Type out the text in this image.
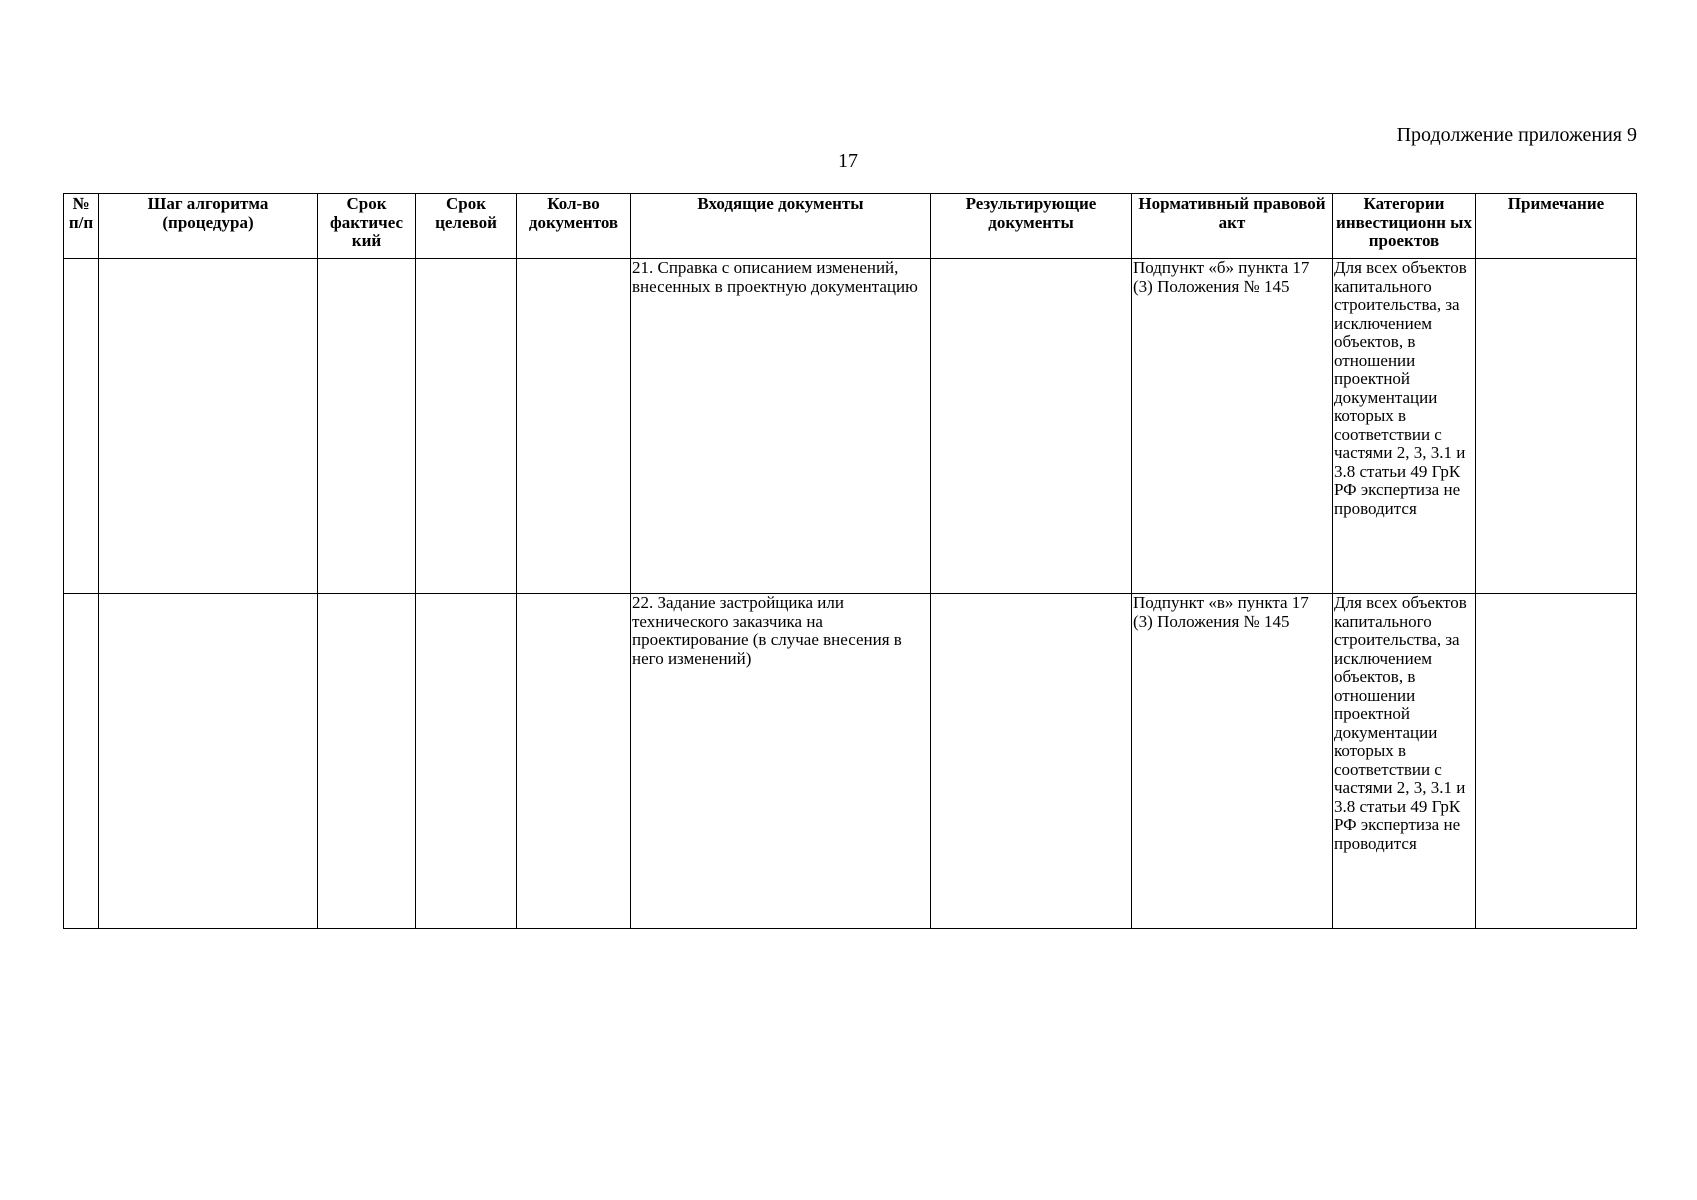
Продолжение приложения 9
17
№ п/п	Шаг алгоритма (процедура)	Срок фактичес кий	Срок целевой	Кол-во документов	Входящие документы	Результирующие документы	Нормативный правовой акт	Категории инвестиционн ых проектов	Примечание
					21. Справка с описанием изменений, внесенных в проектную документацию		Подпункт «б» пункта 17 (3) Положения № 145	Для всех объектов капитального строительства, за исключением объектов, в отношении проектной документации которых в соответствии с частями 2, 3, 3.1 и 3.8 статьи 49 ГрК РФ экспертиза не проводится	
					22. Задание застройщика или технического заказчика на проектирование (в случае внесения в него изменений)		Подпункт «в» пункта 17 (3) Положения № 145	Для всех объектов капитального строительства, за исключением объектов, в отношении проектной документации которых в соответствии с частями 2, 3, 3.1 и 3.8 статьи 49 ГрК РФ экспертиза не проводится	
